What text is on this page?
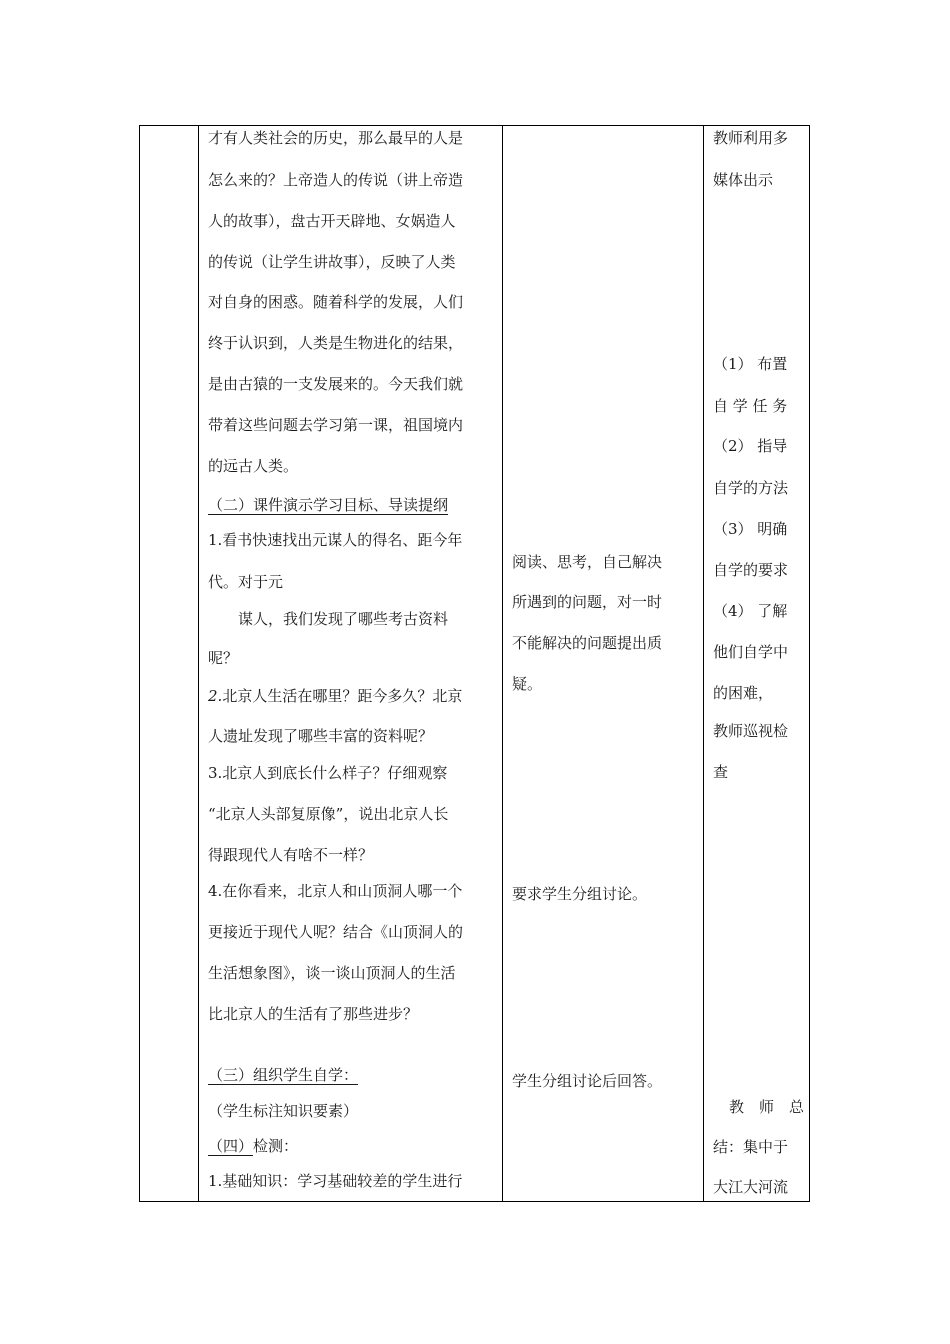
才有人类社会的历史，那么最早的人是
怎么来的？上帝造人的传说（讲上帝造
人的故事），盘古开天辟地、女娲造人
的传说（让学生讲故事），反映了人类
对自身的困惑。随着科学的发展，人们
终于认识到，人类是生物进化的结果，
是由古猿的一支发展来的。今天我们就
带着这些问题去学习第一课，祖国境内
的远古人类。
（二）课件演示学习目标、导读提纲
1.看书快速找出元谋人的得名、距今年
代。对于元
谋人，我们发现了哪些考古资料
呢？
2.北京人生活在哪里？距今多久？北京
人遗址发现了哪些丰富的资料呢？
3.北京人到底长什么样子？仔细观察
“北京人头部复原像”，说出北京人长
得跟现代人有啥不一样？
4.在你看来，北京人和山顶洞人哪一个
更接近于现代人呢？结合《山顶洞人的
生活想象图》，谈一谈山顶洞人的生活
比北京人的生活有了那些进步？
（三）组织学生自学：
（学生标注知识要素）
（四）检测：
1.基础知识：学习基础较差的学生进行
阅读、思考，自己解决
所遇到的问题，对一时
不能解决的问题提出质
疑。
要求学生分组讨论。
学生分组讨论后回答。
教师利用多
媒体出示
（1） 布置
自 学 任 务
（2） 指导
自学的方法
（3） 明确
自学的要求
（4） 了解
他们自学中
的困难，
教师巡视检
查
教　师　总
结：集中于
大江大河流
